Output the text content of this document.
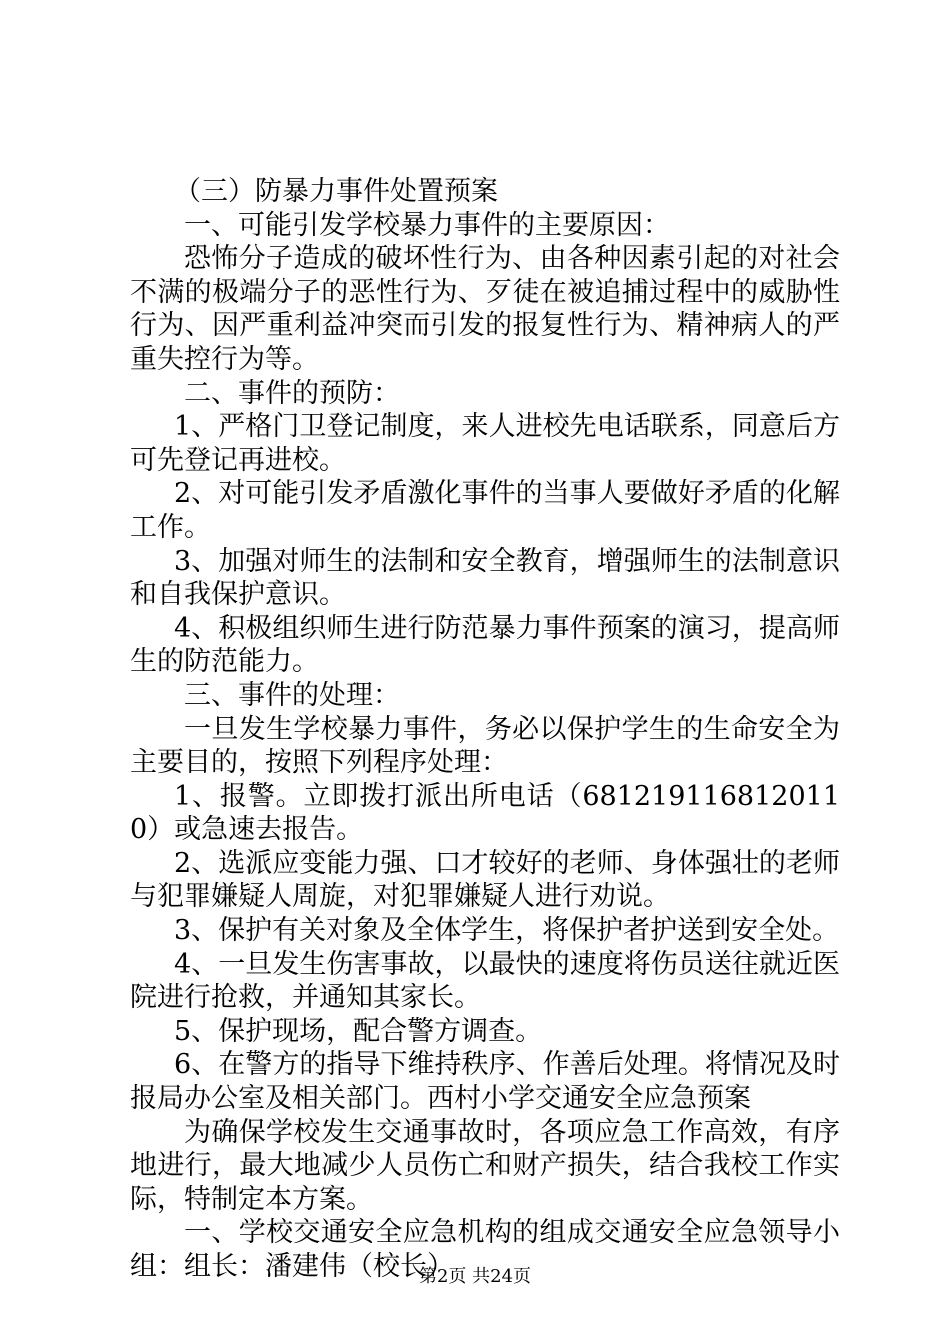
（三）防暴力事件处置预案

一、可能引发学校暴力事件的主要原因：

恐怖分子造成的破坏性行为、由各种因素引起的对社会不满的极端分子的恶性行为、歹徒在被追捕过程中的威胁性行为、因严重利益冲突而引发的报复性行为、精神病人的严重失控行为等。

二、事件的预防：

1、严格门卫登记制度，来人进校先电话联系，同意后方可先登记再进校。

2、对可能引发矛盾激化事件的当事人要做好矛盾的化解工作。

3、加强对师生的法制和安全教育，增强师生的法制意识和自我保护意识。

4、积极组织师生进行防范暴力事件预案的演习，提高师生的防范能力。

三、事件的处理：

一旦发生学校暴力事件，务必以保护学生的生命安全为主要目的，按照下列程序处理：

1、报警。立即拨打派出所电话（6812191168120110）或急速去报告。

2、选派应变能力强、口才较好的老师、身体强壮的老师与犯罪嫌疑人周旋，对犯罪嫌疑人进行劝说。

3、保护有关对象及全体学生，将保护者护送到安全处。

4、一旦发生伤害事故，以最快的速度将伤员送往就近医院进行抢救，并通知其家长。

5、保护现场，配合警方调查。

6、在警方的指导下维持秩序、作善后处理。将情况及时报局办公室及相关部门。西村小学交通安全应急预案

为确保学校发生交通事故时，各项应急工作高效，有序地进行，最大地减少人员伤亡和财产损失，结合我校工作实际，特制定本方案。

一、学校交通安全应急机构的组成交通安全应急领导小组：组长：潘建伟（校长）

第2页 共24页
